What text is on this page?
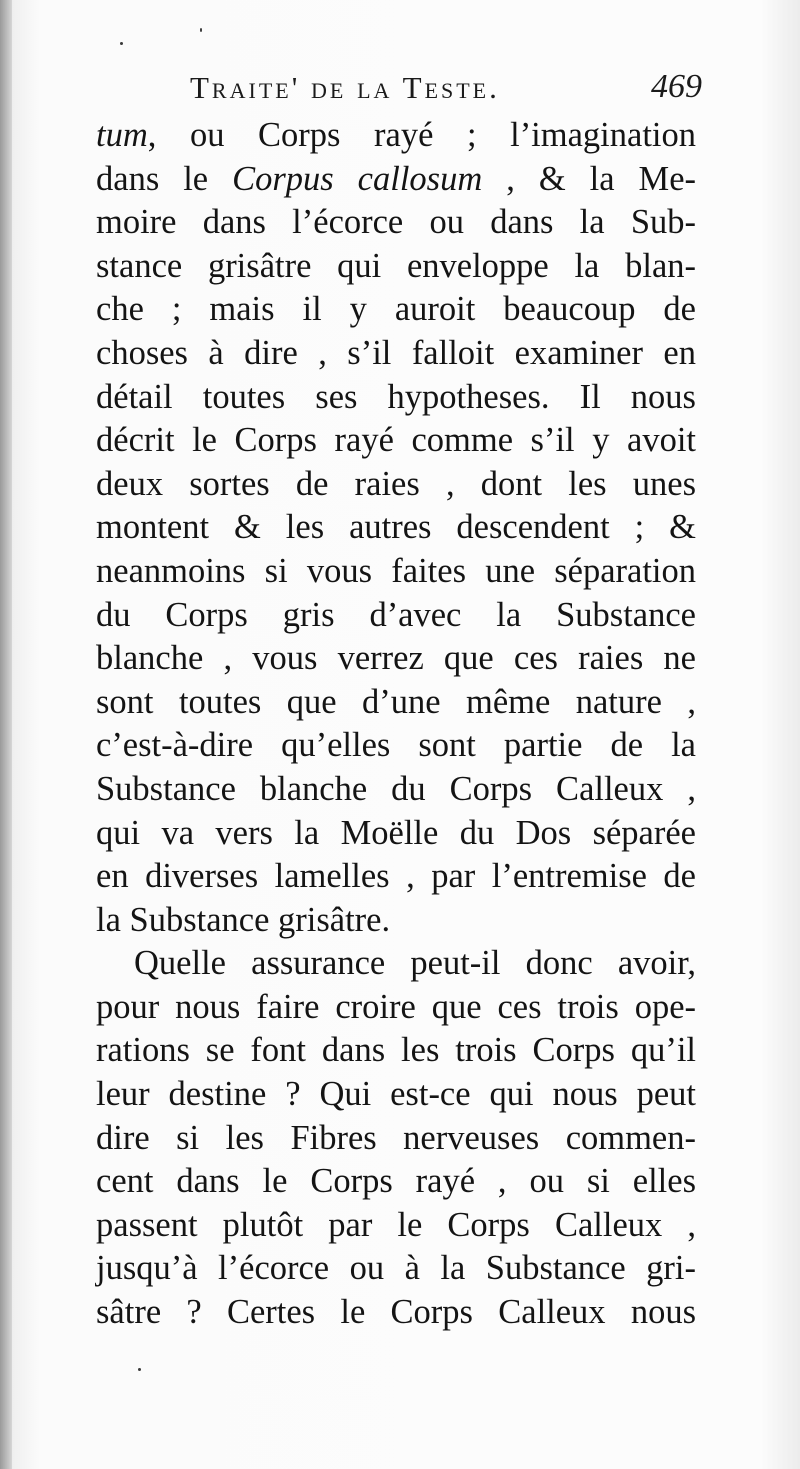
Traite' de la Teste.	469
tum, ou Corps rayé ; l’imagination
dans le Corpus callosum , & la Me-
moire dans l’écorce ou dans la Sub-
stance grisâtre qui enveloppe la blan-
che ; mais il y auroit beaucoup de
choses à dire , s’il falloit examiner en
détail toutes ses hypotheses. Il nous
décrit le Corps rayé comme s’il y avoit
deux sortes de raies , dont les unes
montent & les autres descendent ; &
neanmoins si vous faites une séparation
du Corps gris d’avec la Substance
blanche , vous verrez que ces raies ne
sont toutes que d’une même nature ,
c’est-à-dire qu’elles sont partie de la
Substance blanche du Corps Calleux ,
qui va vers la Moëlle du Dos séparée
en diverses lamelles , par l’entremise de
la Substance grisâtre.
Quelle assurance peut-il donc avoir,
pour nous faire croire que ces trois ope-
rations se font dans les trois Corps qu’il
leur destine ? Qui est-ce qui nous peut
dire si les Fibres nerveuses commen-
cent dans le Corps rayé , ou si elles
passent plutôt par le Corps Calleux ,
jusqu’à l’écorce ou à la Substance gri-
sâtre ? Certes le Corps Calleux nous
